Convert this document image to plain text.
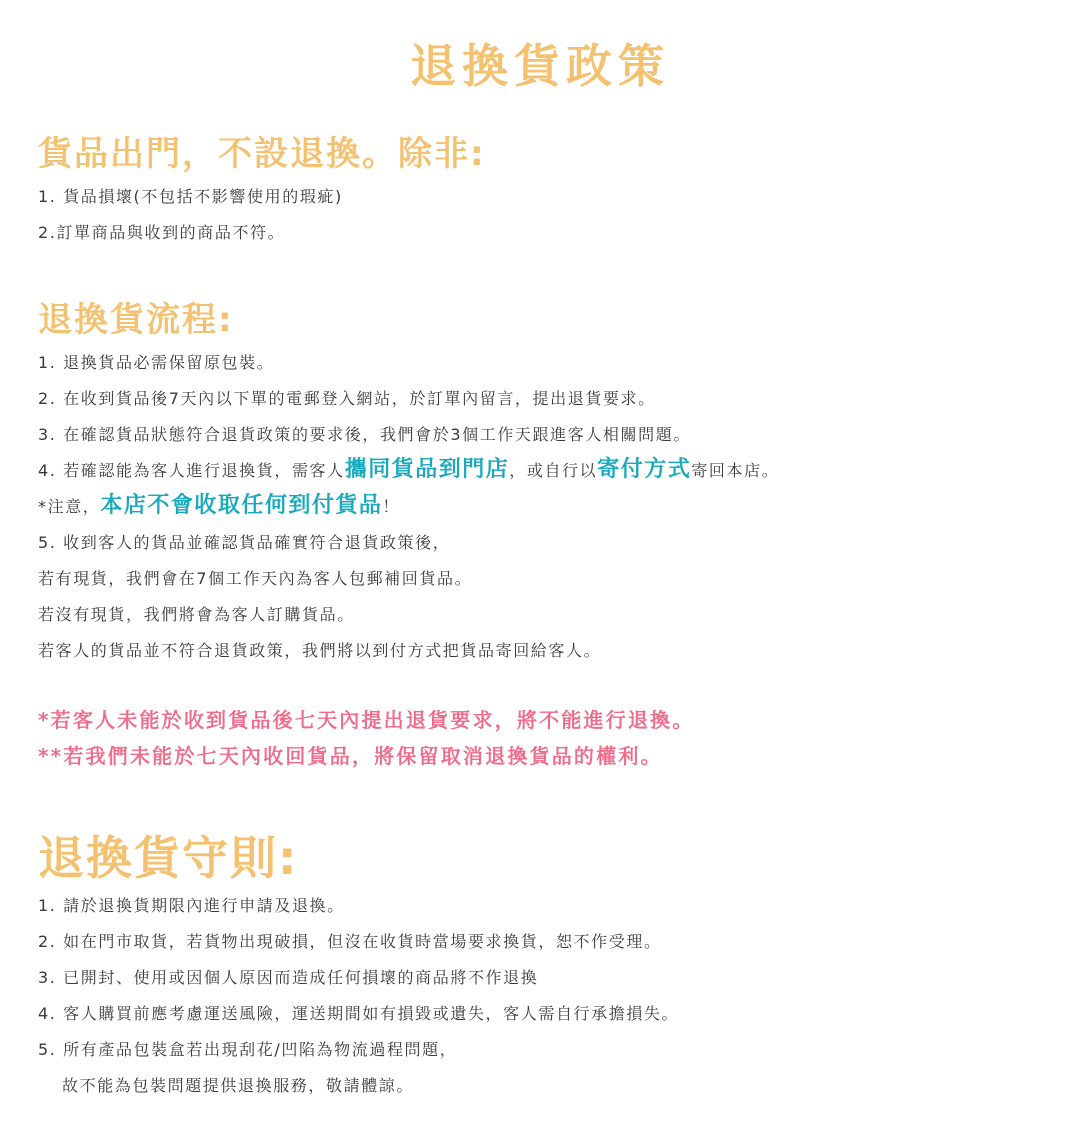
退換貨政策
貨品出門，不設退換。除非:
1. 貨品損壞(不包括不影響使用的瑕疵)
2.訂單商品與收到的商品不符。
退換貨流程:
1. 退換貨品必需保留原包裝。
2. 在收到貨品後7天內以下單的電郵登入網站，於訂單內留言，提出退貨要求。
3. 在確認貨品狀態符合退貨政策的要求後，我們會於3個工作天跟進客人相關問題。
4. 若確認能為客人進行退換貨，需客人攜同貨品到門店，或自行以寄付方式寄回本店。
*注意，本店不會收取任何到付貨品！
5. 收到客人的貨品並確認貨品確實符合退貨政策後，
若有現貨，我們會在7個工作天內為客人包郵補回貨品。
若沒有現貨，我們將會為客人訂購貨品。
若客人的貨品並不符合退貨政策，我們將以到付方式把貨品寄回給客人。
*若客人未能於收到貨品後七天內提出退貨要求，將不能進行退換。
**若我們未能於七天內收回貨品，將保留取消退換貨品的權利。
退換貨守則:
1. 請於退換貨期限內進行申請及退換。
2. 如在門市取貨，若貨物出現破損，但沒在收貨時當場要求換貨，恕不作受理。
3. 已開封、使用或因個人原因而造成任何損壞的商品將不作退換
4. 客人購買前應考慮運送風險，運送期間如有損毀或遺失，客人需自行承擔損失。
5. 所有產品包裝盒若出現刮花/凹陷為物流過程問題，
故不能為包裝問題提供退換服務，敬請體諒。
